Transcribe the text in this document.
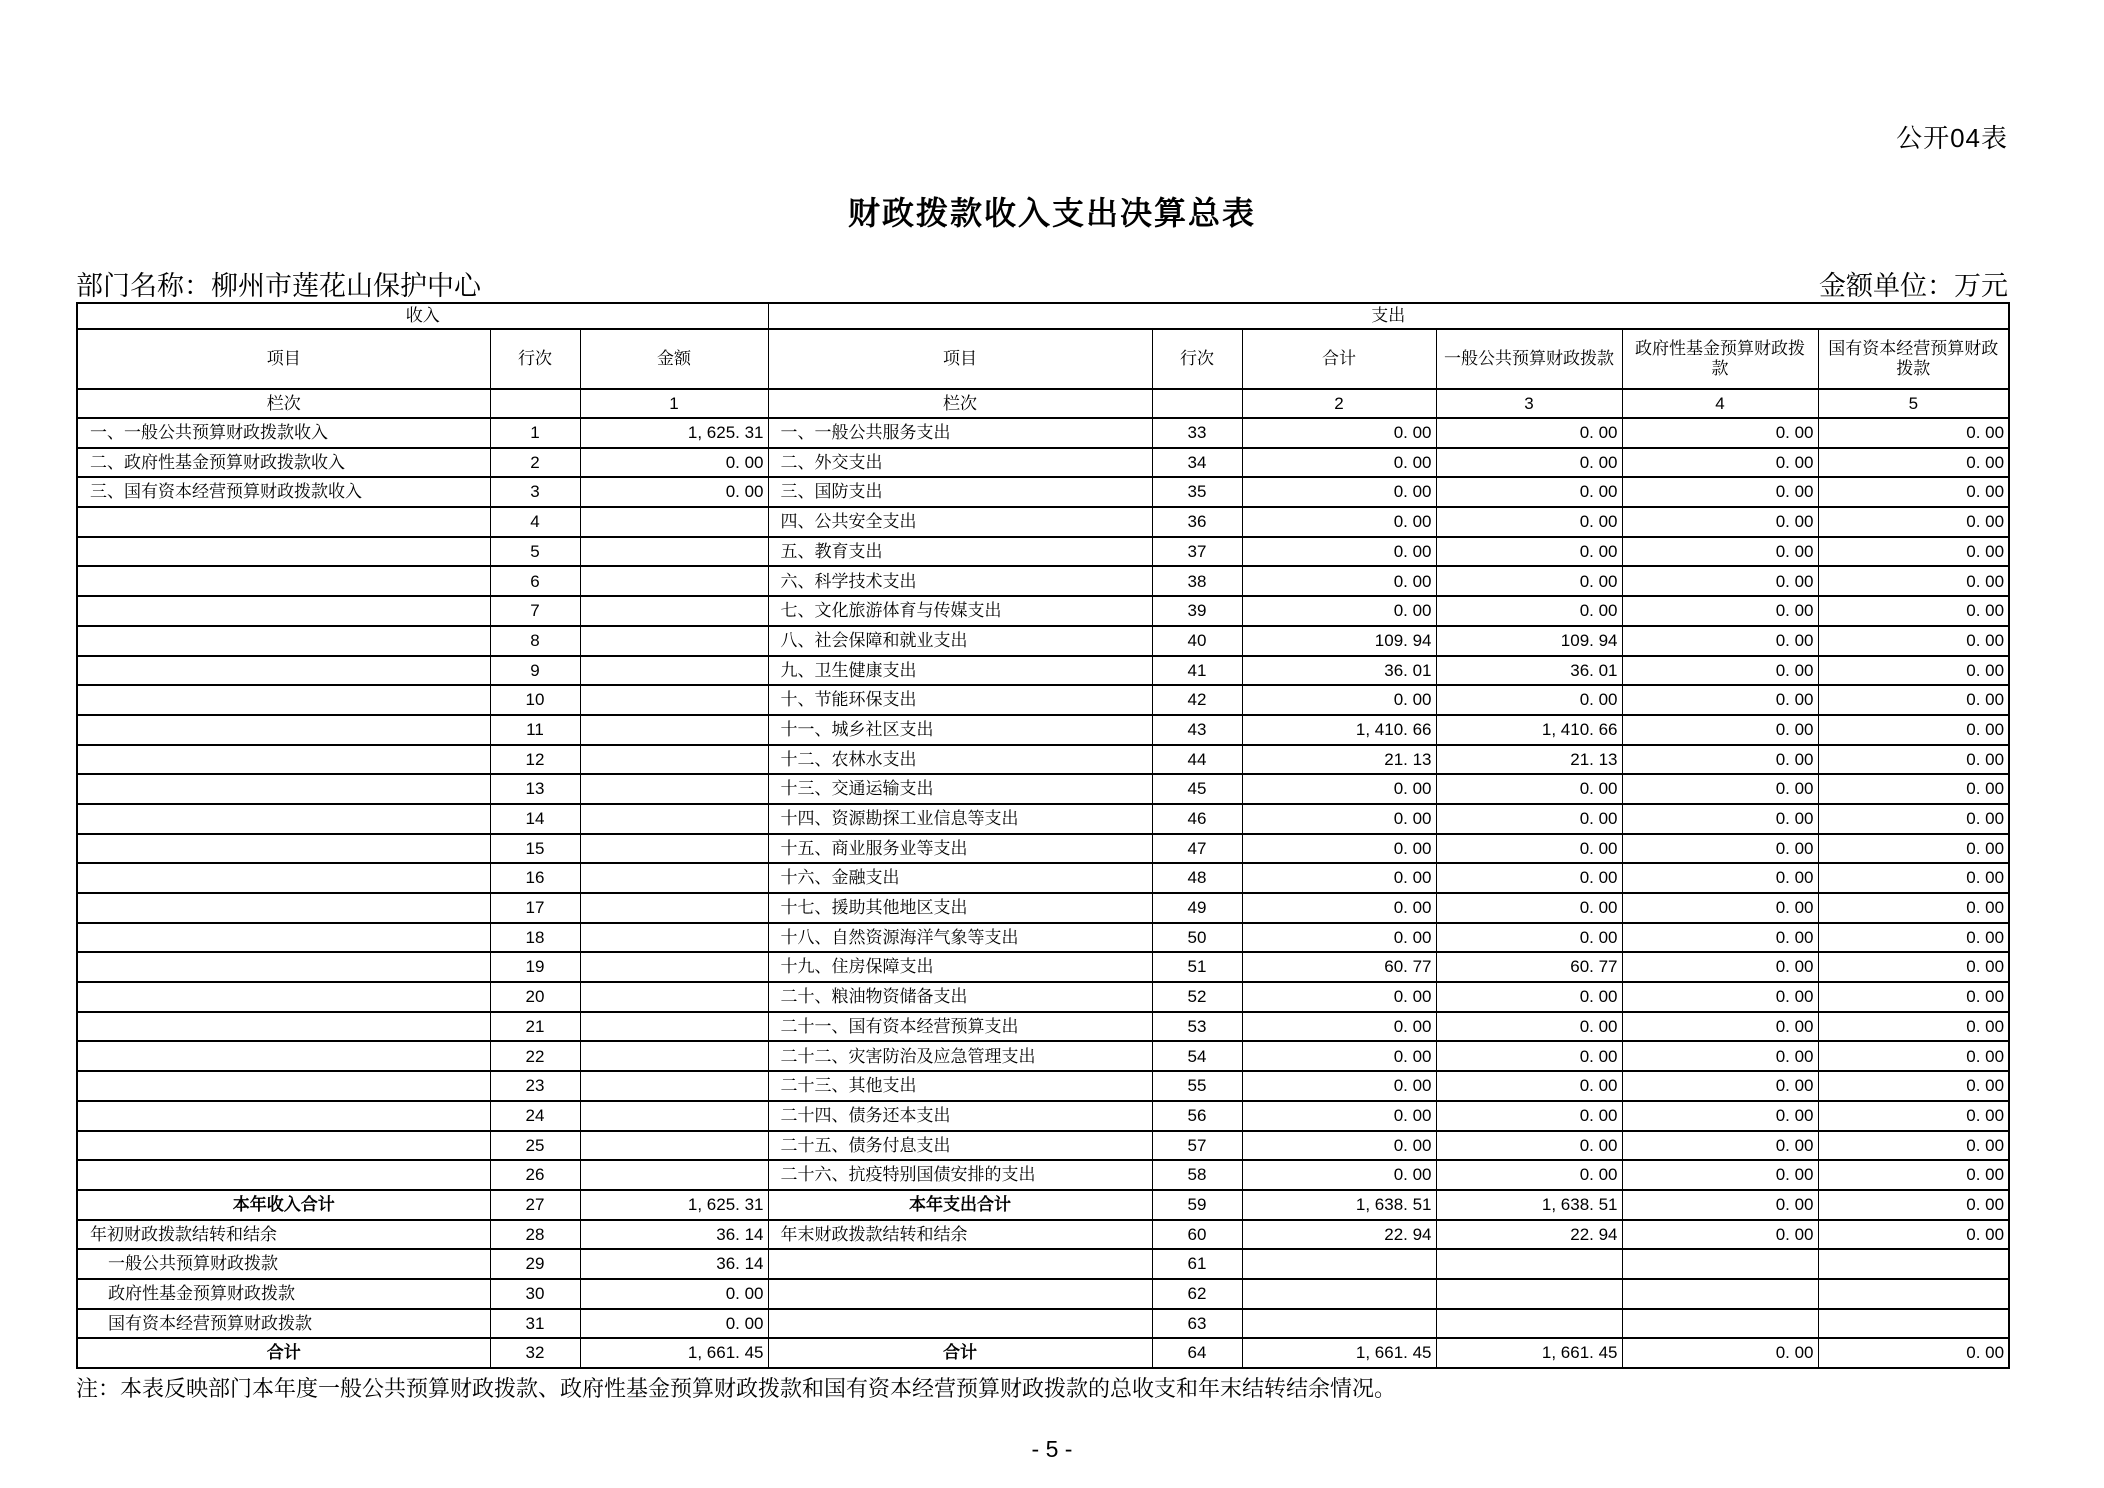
公开04表
财政拨款收入支出决算总表
部门名称：柳州市莲花山保护中心	金额单位：万元
收入			支出					
项目	行次	金额	项目	行次	合计	一般公共预算财政拨款	政府性基金预算财政拨款	国有资本经营预算财政拨款
栏次		1	栏次		2	3	4	5
一、一般公共预算财政拨款收入	1	1, 625. 31	一、一般公共服务支出	33	0. 00	0. 00	0. 00	0. 00
二、政府性基金预算财政拨款收入	2	0. 00	二、外交支出	34	0. 00	0. 00	0. 00	0. 00
三、国有资本经营预算财政拨款收入	3	0. 00	三、国防支出	35	0. 00	0. 00	0. 00	0. 00
	4		四、公共安全支出	36	0. 00	0. 00	0. 00	0. 00
	5		五、教育支出	37	0. 00	0. 00	0. 00	0. 00
	6		六、科学技术支出	38	0. 00	0. 00	0. 00	0. 00
	7		七、文化旅游体育与传媒支出	39	0. 00	0. 00	0. 00	0. 00
	8		八、社会保障和就业支出	40	109. 94	109. 94	0. 00	0. 00
	9		九、卫生健康支出	41	36. 01	36. 01	0. 00	0. 00
	10		十、节能环保支出	42	0. 00	0. 00	0. 00	0. 00
	11		十一、城乡社区支出	43	1, 410. 66	1, 410. 66	0. 00	0. 00
	12		十二、农林水支出	44	21. 13	21. 13	0. 00	0. 00
	13		十三、交通运输支出	45	0. 00	0. 00	0. 00	0. 00
	14		十四、资源勘探工业信息等支出	46	0. 00	0. 00	0. 00	0. 00
	15		十五、商业服务业等支出	47	0. 00	0. 00	0. 00	0. 00
	16		十六、金融支出	48	0. 00	0. 00	0. 00	0. 00
	17		十七、援助其他地区支出	49	0. 00	0. 00	0. 00	0. 00
	18		十八、自然资源海洋气象等支出	50	0. 00	0. 00	0. 00	0. 00
	19		十九、住房保障支出	51	60. 77	60. 77	0. 00	0. 00
	20		二十、粮油物资储备支出	52	0. 00	0. 00	0. 00	0. 00
	21		二十一、国有资本经营预算支出	53	0. 00	0. 00	0. 00	0. 00
	22		二十二、灾害防治及应急管理支出	54	0. 00	0. 00	0. 00	0. 00
	23		二十三、其他支出	55	0. 00	0. 00	0. 00	0. 00
	24		二十四、债务还本支出	56	0. 00	0. 00	0. 00	0. 00
	25		二十五、债务付息支出	57	0. 00	0. 00	0. 00	0. 00
	26		二十六、抗疫特别国债安排的支出	58	0. 00	0. 00	0. 00	0. 00
本年收入合计	27	1, 625. 31	本年支出合计	59	1, 638. 51	1, 638. 51	0. 00	0. 00
年初财政拨款结转和结余	28	36. 14	年末财政拨款结转和结余	60	22. 94	22. 94	0. 00	0. 00
一般公共预算财政拨款	29	36. 14		61				
政府性基金预算财政拨款	30	0. 00		62				
国有资本经营预算财政拨款	31	0. 00		63				
合计	32	1, 661. 45	合计	64	1, 661. 45	1, 661. 45	0. 00	0. 00
注：本表反映部门本年度一般公共预算财政拨款、政府性基金预算财政拨款和国有资本经营预算财政拨款的总收支和年末结转结余情况。
- 5 -
